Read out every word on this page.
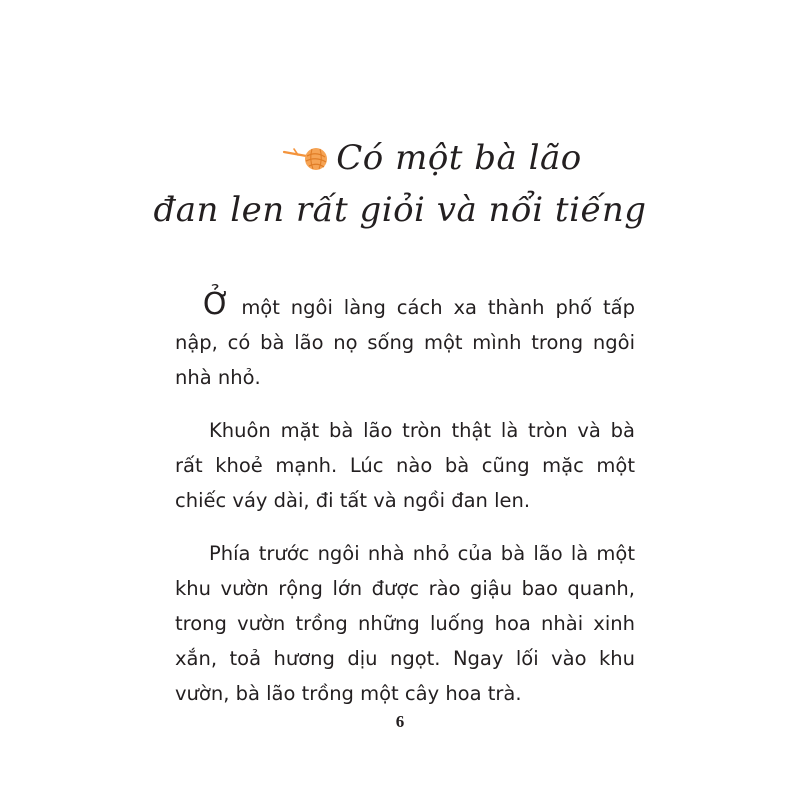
Có một bà lão
đan len rất giỏi và nổi tiếng

Ở một ngôi làng cách xa thành phố tấp nập, có bà lão nọ sống một mình trong ngôi nhà nhỏ.

Khuôn mặt bà lão tròn thật là tròn và bà rất khoẻ mạnh. Lúc nào bà cũng mặc một chiếc váy dài, đi tất và ngồi đan len.

Phía trước ngôi nhà nhỏ của bà lão là một khu vườn rộng lớn được rào giậu bao quanh, trong vườn trồng những luống hoa nhài xinh xắn, toả hương dịu ngọt. Ngay lối vào khu vườn, bà lão trồng một cây hoa trà.

6
